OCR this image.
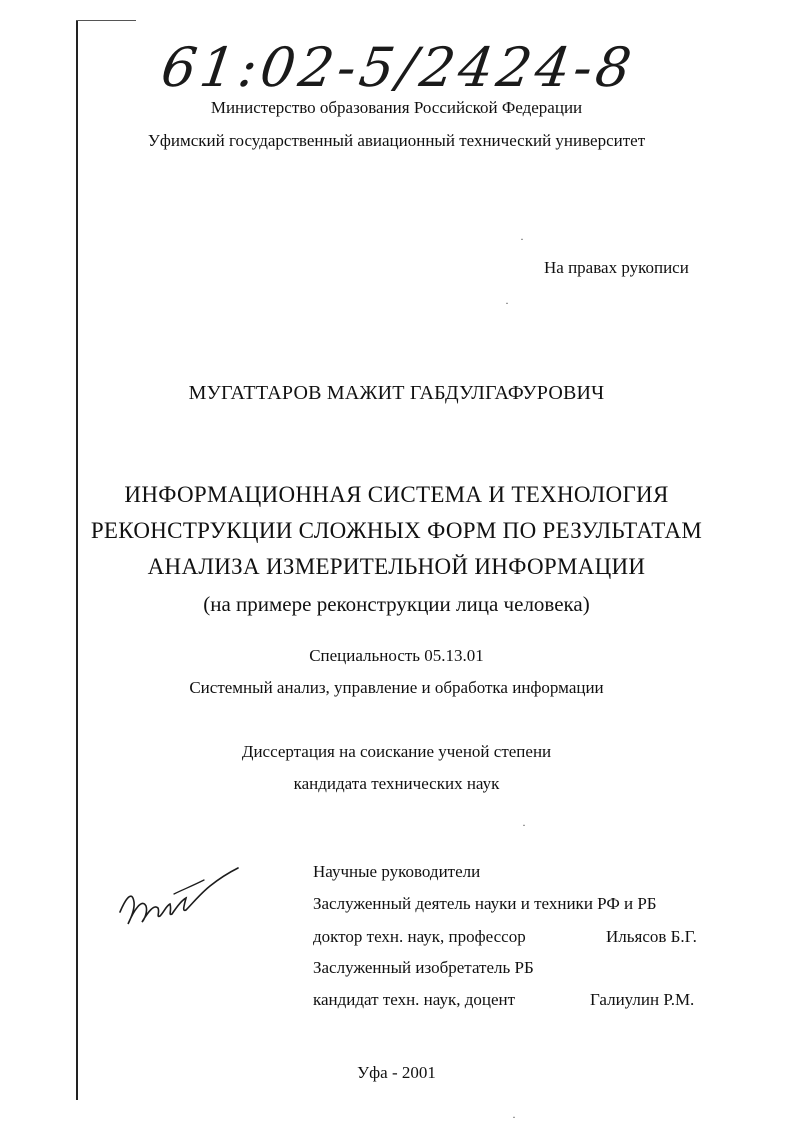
61:02-5/2424-8
Министерство образования Российской Федерации
Уфимский государственный авиационный технический университет
На правах рукописи
МУГАТТАРОВ МАЖИТ ГАБДУЛГАФУРОВИЧ
ИНФОРМАЦИОННАЯ СИСТЕМА И ТЕХНОЛОГИЯ
РЕКОНСТРУКЦИИ СЛОЖНЫХ ФОРМ ПО РЕЗУЛЬТАТАМ
АНАЛИЗА ИЗМЕРИТЕЛЬНОЙ ИНФОРМАЦИИ
(на примере реконструкции лица человека)
Специальность 05.13.01
Системный анализ, управление и обработка информации
Диссертация на соискание ученой степени
кандидата технических наук
Научные руководители
Заслуженный деятель науки и техники РФ и РБ
доктор техн. наук, профессор	Ильясов Б.Г.
Заслуженный изобретатель РБ
кандидат техн. наук, доцент	Галиулин Р.М.
Уфа - 2001
·
·
·
·
